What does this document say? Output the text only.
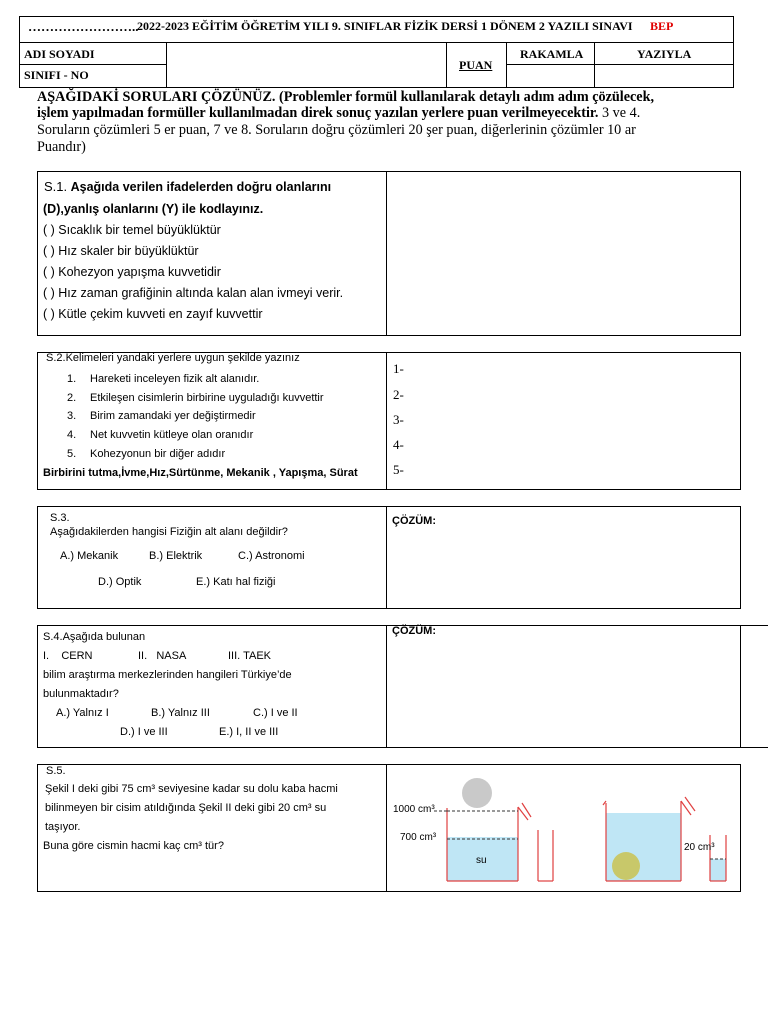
……………………..
2022-2023 EĞİTİM ÖĞRETİM YILI 9. SINIFLAR FİZİK DERSİ 1 DÖNEM 2 YAZILI SINAVI BEP
ADI SOYADI
SINIFI - NO
PUAN
RAKAMLA	YAZIYLA
AŞAĞIDAKİ SORULARI ÇÖZÜNÜZ. (Problemler formül kullanılarak detaylı adım adım çözülecek,
işlem yapılmadan formüller kullanılmadan direk sonuç yazılan yerlere puan verilmeyecektir. 3 ve 4.
Soruların çözümleri 5 er puan, 7 ve 8. Soruların doğru çözümleri 20 şer puan, diğerlerinin çözümler 10 ar
Puandır)
S.1. Aşağıda verilen ifadelerden doğru olanlarını
(D),yanlış olanlarını (Y) ile kodlayınız.
( ) Sıcaklık bir temel büyüklüktür
( ) Hız skaler bir büyüklüktür
( ) Kohezyon yapışma kuvvetidir
( ) Hız zaman grafiğinin altında kalan alan ivmeyi verir.
( ) Kütle çekim kuvveti en zayıf kuvvettir
S.2.Kelimeleri yandaki yerlere uygun şekilde yazınız
1. Hareketi inceleyen fizik alt alanıdır.
2. Etkileşen cisimlerin birbirine uyguladığı kuvvettir
3. Birim zamandaki yer değiştirmedir
4. Net kuvvetin kütleye olan oranıdır
5. Kohezyonun bir diğer adıdır
Birbirini tutma,İvme,Hız,Sürtünme, Mekanik , Yapışma, Sürat
1-
2-
3-
4-
5-
S.3.
Aşağıdakilerden hangisi Fiziğin alt alanı değildir?
A.) Mekanik	B.) Elektrik	C.) Astronomi
D.) Optik	E.) Katı hal fiziği
ÇÖZÜM:
S.4.Aşağıda bulunan
I.    CERN	II.   NASA	III. TAEK
bilim araştırma merkezlerinden hangileri Türkiye’de
bulunmaktadır?
A.) Yalnız I	B.) Yalnız III	C.) I ve II
D.) I ve III	E.) I, II ve III
ÇÖZÜM:
S.5.
Şekil I deki gibi 75 cm³ seviyesine kadar su dolu kaba hacmi
bilinmeyen bir cisim atıldığında Şekil II deki gibi 20 cm³ su
taşıyor.
Buna göre cismin hacmi kaç cm³ tür?
1000 cm³
700 cm³
su
20 cm³
